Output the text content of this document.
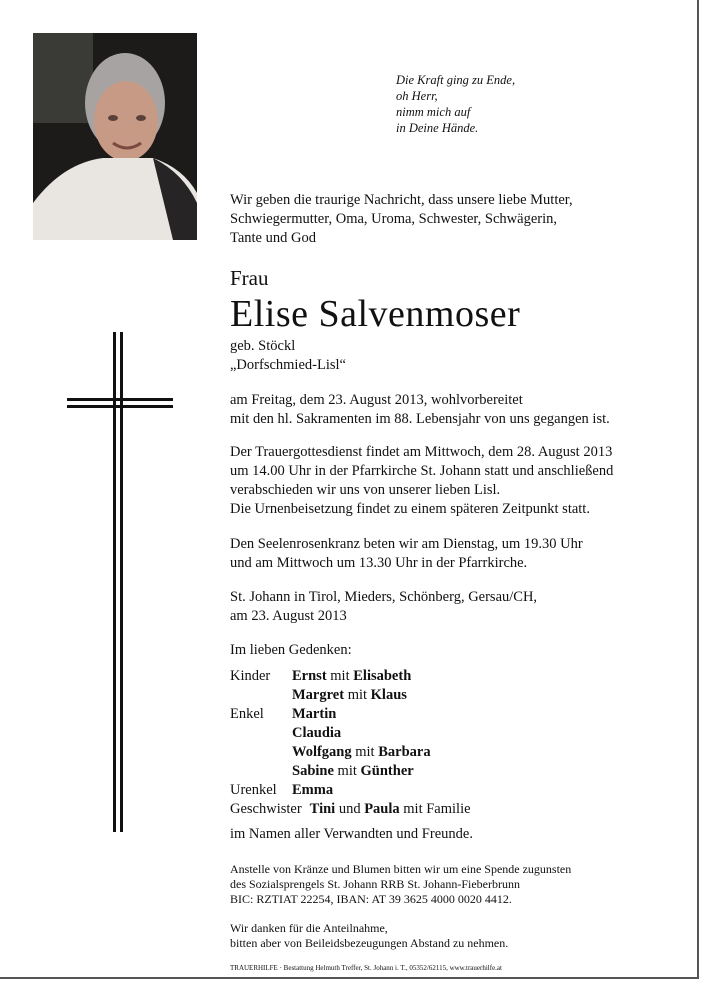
Die Kraft ging zu Ende,
oh Herr,
nimm mich auf
in Deine Hände.
Wir geben die traurige Nachricht, dass unsere liebe Mutter,
Schwiegermutter, Oma, Uroma, Schwester, Schwägerin,
Tante und God
Frau
Elise Salvenmoser
geb. Stöckl
„Dorfschmied-Lisl“
am Freitag, dem 23. August 2013, wohlvorbereitet
mit den hl. Sakramenten im 88. Lebensjahr von uns gegangen ist.
Der Trauergottesdienst findet am Mittwoch, dem 28. August 2013
um 14.00 Uhr in der Pfarrkirche St. Johann statt und anschließend
verabschieden wir uns von unserer lieben Lisl.
Die Urnenbeisetzung findet zu einem späteren Zeitpunkt statt.
Den Seelenrosenkranz beten wir am Dienstag, um 19.30 Uhr
und am Mittwoch um 13.30 Uhr in der Pfarrkirche.
St. Johann in Tirol, Mieders, Schönberg, Gersau/CH,
am 23. August 2013
Im lieben Gedenken:
Kinder	Ernst mit Elisabeth
Margret mit Klaus
Enkel	Martin
Claudia
Wolfgang mit Barbara
Sabine mit Günther
Urenkel	Emma
Geschwister Tini und Paula mit Familie
im Namen aller Verwandten und Freunde.
Anstelle von Kränze und Blumen bitten wir um eine Spende zugunsten
des Sozialsprengels St. Johann RRB St. Johann-Fieberbrunn
BIC: RZTIAT 22254, IBAN: AT 39 3625 4000 0020 4412.
Wir danken für die Anteilnahme,
bitten aber von Beileidsbezeugungen Abstand zu nehmen.
TRAUERHILFE · Bestattung Helmuth Treffer, St. Johann i. T., 05352/62115, www.trauerhilfe.at
